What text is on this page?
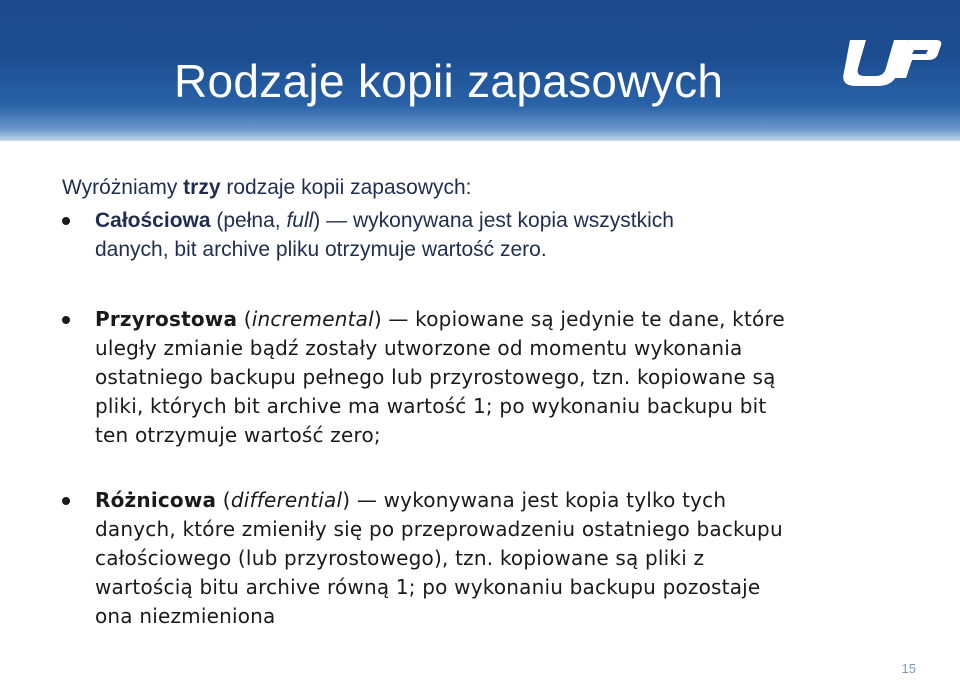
Rodzaje kopii zapasowych
Wyróżniamy trzy rodzaje kopii zapasowych:
Całościowa (pełna, full) — wykonywana jest kopia wszystkich
danych, bit archive pliku otrzymuje wartość zero.
Przyrostowa (incremental) — kopiowane są jedynie te dane, które
uległy zmianie bądź zostały utworzone od momentu wykonania
ostatniego backupu pełnego lub przyrostowego, tzn. kopiowane są
pliki, których bit archive ma wartość 1; po wykonaniu backupu bit
ten otrzymuje wartość zero;
Różnicowa (differential) — wykonywana jest kopia tylko tych
danych, które zmieniły się po przeprowadzeniu ostatniego backupu
całościowego (lub przyrostowego), tzn. kopiowane są pliki z
wartością bitu archive równą 1; po wykonaniu backupu pozostaje
ona niezmieniona
15
